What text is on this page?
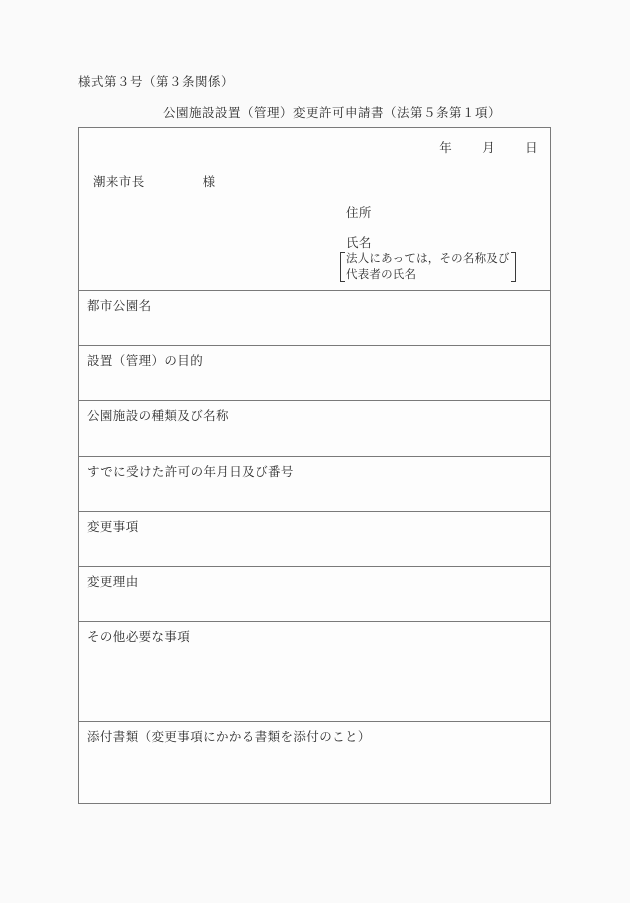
様式第３号（第３条関係）
公園施設設置（管理）変更許可申請書（法第５条第１項）
年 月 日
潮来市長	様
住所
氏名
法人にあっては，その名称及び
代表者の氏名
都市公園名
設置（管理）の目的
公園施設の種類及び名称
すでに受けた許可の年月日及び番号
変更事項
変更理由
その他必要な事項
添付書類（変更事項にかかる書類を添付のこと）
